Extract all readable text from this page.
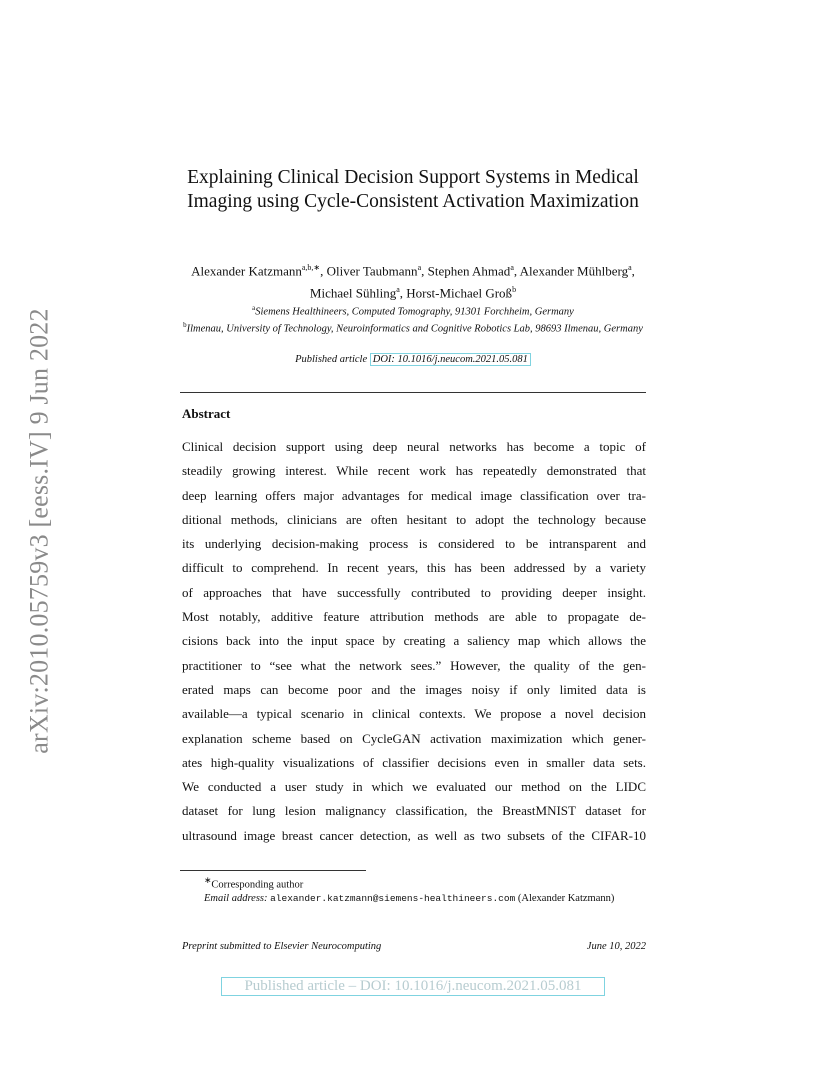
arXiv:2010.05759v3 [eess.IV] 9 Jun 2022
Explaining Clinical Decision Support Systems in Medical Imaging using Cycle-Consistent Activation Maximization
Alexander Katzmann$^{a,b,∗}$, Oliver Taubmann$^a$, Stephen Ahmad$^a$, Alexander Mühlberg$^a$, Michael Sühling$^a$, Horst-Michael Groß$^b$
$^a$Siemens Healthineers, Computed Tomography, 91301 Forchheim, Germany
$^b$Ilmenau, University of Technology, Neuroinformatics and Cognitive Robotics Lab, 98693 Ilmenau, Germany
Published article DOI: 10.1016/j.neucom.2021.05.081
Abstract
Clinical decision support using deep neural networks has become a topic of
steadily growing interest. While recent work has repeatedly demonstrated that
deep learning offers major advantages for medical image classification over tra-
ditional methods, clinicians are often hesitant to adopt the technology because
its underlying decision-making process is considered to be intransparent and
difficult to comprehend. In recent years, this has been addressed by a variety
of approaches that have successfully contributed to providing deeper insight.
Most notably, additive feature attribution methods are able to propagate de-
cisions back into the input space by creating a saliency map which allows the
practitioner to “see what the network sees.” However, the quality of the gen-
erated maps can become poor and the images noisy if only limited data is
available—a typical scenario in clinical contexts. We propose a novel decision
explanation scheme based on CycleGAN activation maximization which gener-
ates high-quality visualizations of classifier decisions even in smaller data sets.
We conducted a user study in which we evaluated our method on the LIDC
dataset for lung lesion malignancy classification, the BreastMNIST dataset for
ultrasound image breast cancer detection, as well as two subsets of the CIFAR-10
∗Corresponding author
Email address: alexander.katzmann@siemens-healthineers.com (Alexander Katzmann)
Preprint submitted to Elsevier Neurocomputing	June 10, 2022
Published article – DOI: 10.1016/j.neucom.2021.05.081
